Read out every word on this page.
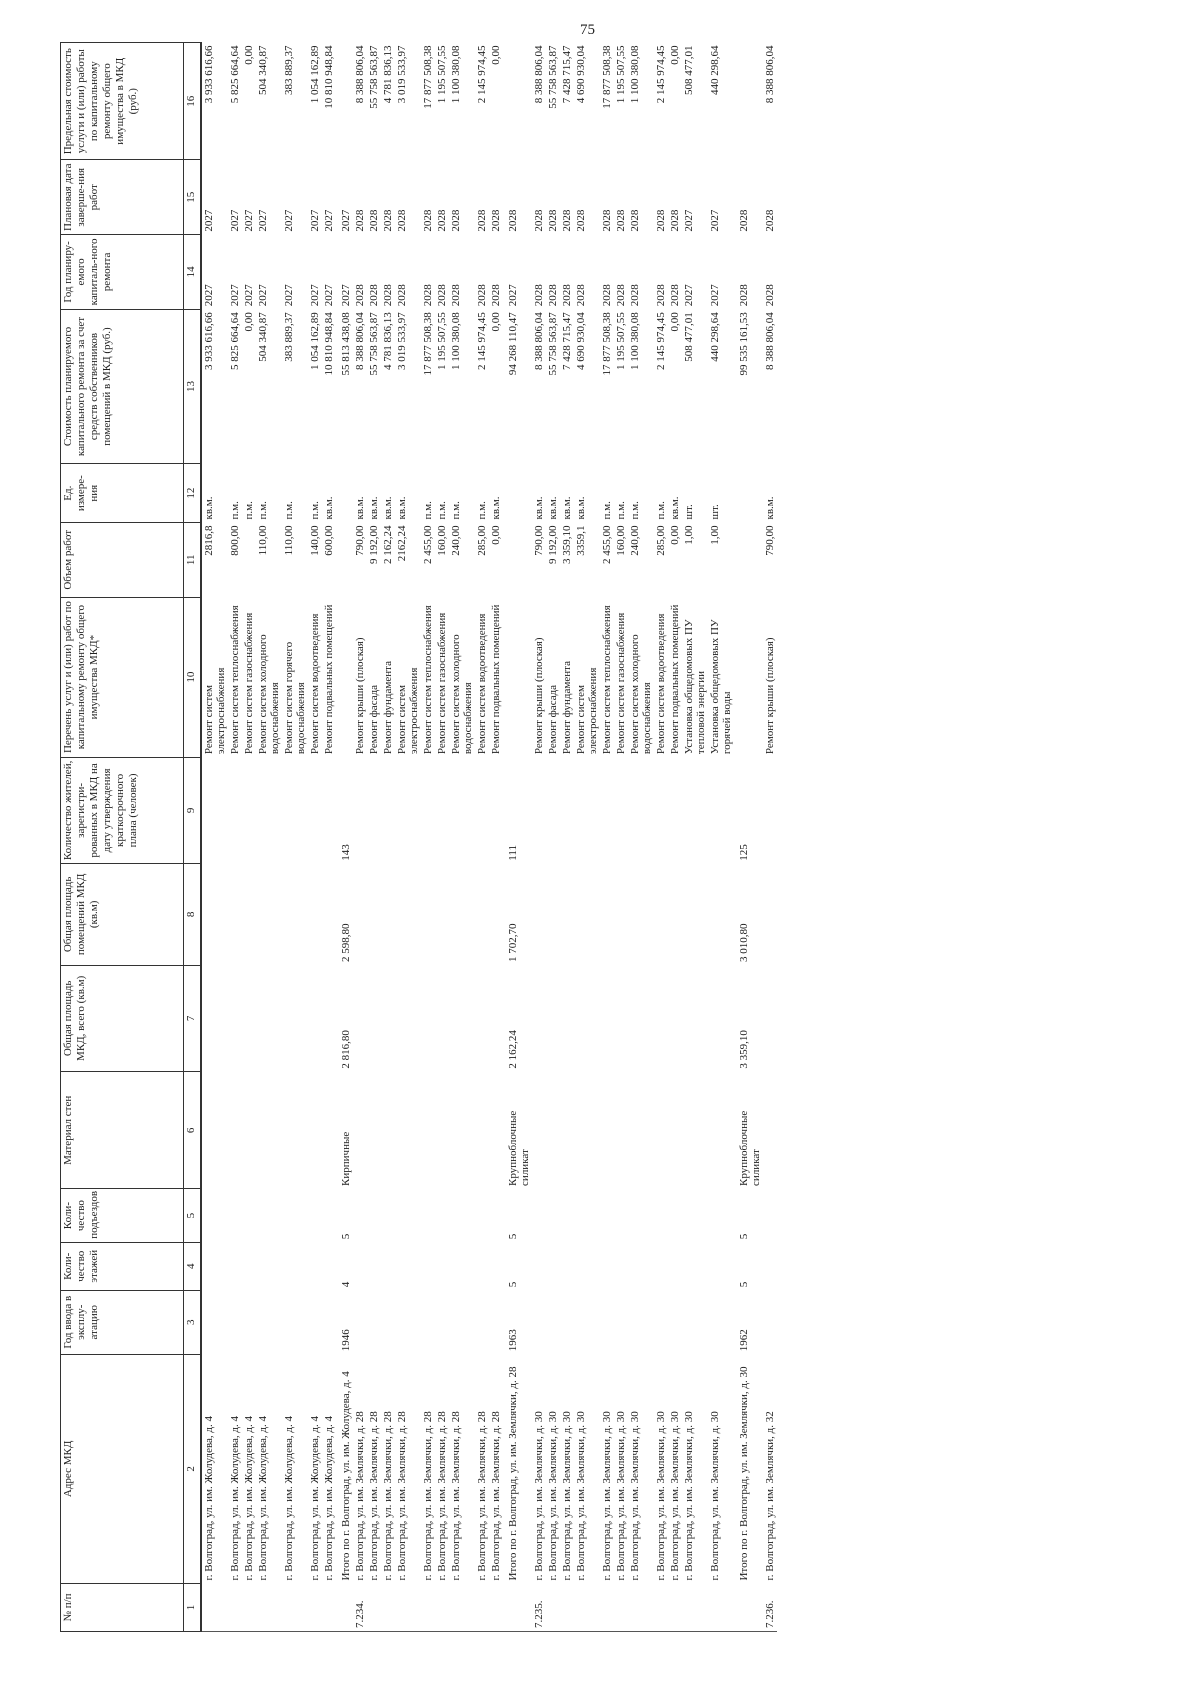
75
№ п/п	Адрес МКД	Год ввода в эксплу-атацию	Коли-чество этажей	Коли-чество подъездов	Материал стен	Общая площадь МКД, всего (кв.м)	Общая площадь помещений МКД (кв.м)	Количество жителей, зарегистри-рованных в МКД на дату утверждения краткосрочного плана (человек)	Перечень услуг и (или) работ по капитальному ремонту общего имущества МКД*	Объем работ	Ед. измере-ния	Стоимость планируемого капитального ремонта за счет средств собственников помещений в МКД (руб.)	Год планиру-емого капиталь-ного ремонта	Плановая дата заверше-ния работ	Предельная стоимость услуги и (или) работы по капитальному ремонту общего имущества в МКД (руб.)
1	2	3	4	5	6	7	8	9	10	11	12	13	14	15	16
	г. Волгоград, ул. им. Жолудева, д. 4								Ремонт систем электроснабжения	2816,8	кв.м.	3 933 616,66	2027	2027	3 933 616,66
	г. Волгоград, ул. им. Жолудева, д. 4								Ремонт систем теплоснабжения	800,00	п.м.	5 825 664,64	2027	2027	5 825 664,64
	г. Волгоград, ул. им. Жолудева, д. 4								Ремонт систем газоснабжения		п.м.	0,00	2027	2027	0,00
	г. Волгоград, ул. им. Жолудева, д. 4								Ремонт систем холодного водоснабжения	110,00	п.м.	504 340,87	2027	2027	504 340,87
	г. Волгоград, ул. им. Жолудева, д. 4								Ремонт систем горячего водоснабжения	110,00	п.м.	383 889,37	2027	2027	383 889,37
	г. Волгоград, ул. им. Жолудева, д. 4								Ремонт систем водоотведения	140,00	п.м.	1 054 162,89	2027	2027	1 054 162,89
	г. Волгоград, ул. им. Жолудева, д. 4								Ремонт подвальных помещений	600,00	кв.м.	10 810 948,84	2027	2027	10 810 948,84
	Итого по г. Волгоград, ул. им. Жолудева, д. 4	1946	4	5	Кирпичные	2 816,80	2 598,80	143				55 813 438,08	2027	2027	
7.234.	г. Волгоград, ул. им. Землячки, д. 28								Ремонт крыши (плоская)	790,00	кв.м.	8 388 806,04	2028	2028	8 388 806,04
	г. Волгоград, ул. им. Землячки, д. 28								Ремонт фасада	9 192,00	кв.м.	55 758 563,87	2028	2028	55 758 563,87
	г. Волгоград, ул. им. Землячки, д. 28								Ремонт фундамента	2 162,24	кв.м.	4 781 836,13	2028	2028	4 781 836,13
	г. Волгоград, ул. им. Землячки, д. 28								Ремонт систем электроснабжения	2162,24	кв.м.	3 019 533,97	2028	2028	3 019 533,97
	г. Волгоград, ул. им. Землячки, д. 28								Ремонт систем теплоснабжения	2 455,00	п.м.	17 877 508,38	2028	2028	17 877 508,38
	г. Волгоград, ул. им. Землячки, д. 28								Ремонт систем газоснабжения	160,00	п.м.	1 195 507,55	2028	2028	1 195 507,55
	г. Волгоград, ул. им. Землячки, д. 28								Ремонт систем холодного водоснабжения	240,00	п.м.	1 100 380,08	2028	2028	1 100 380,08
	г. Волгоград, ул. им. Землячки, д. 28								Ремонт систем водоотведения	285,00	п.м.	2 145 974,45	2028	2028	2 145 974,45
	г. Волгоград, ул. им. Землячки, д. 28								Ремонт подвальных помещений	0,00	кв.м.	0,00	2028	2028	0,00
	Итого по г. Волгоград, ул. им. Землячки, д. 28	1963	5	5	Крупноблочные силикат	2 162,24	1 702,70	111				94 268 110,47	2027	2028	
7.235.	г. Волгоград, ул. им. Землячки, д. 30								Ремонт крыши (плоская)	790,00	кв.м.	8 388 806,04	2028	2028	8 388 806,04
	г. Волгоград, ул. им. Землячки, д. 30								Ремонт фасада	9 192,00	кв.м.	55 758 563,87	2028	2028	55 758 563,87
	г. Волгоград, ул. им. Землячки, д. 30								Ремонт фундамента	3 359,10	кв.м.	7 428 715,47	2028	2028	7 428 715,47
	г. Волгоград, ул. им. Землячки, д. 30								Ремонт систем электроснабжения	3359,1	кв.м.	4 690 930,04	2028	2028	4 690 930,04
	г. Волгоград, ул. им. Землячки, д. 30								Ремонт систем теплоснабжения	2 455,00	п.м.	17 877 508,38	2028	2028	17 877 508,38
	г. Волгоград, ул. им. Землячки, д. 30								Ремонт систем газоснабжения	160,00	п.м.	1 195 507,55	2028	2028	1 195 507,55
	г. Волгоград, ул. им. Землячки, д. 30								Ремонт систем холодного водоснабжения	240,00	п.м.	1 100 380,08	2028	2028	1 100 380,08
	г. Волгоград, ул. им. Землячки, д. 30								Ремонт систем водоотведения	285,00	п.м.	2 145 974,45	2028	2028	2 145 974,45
	г. Волгоград, ул. им. Землячки, д. 30								Ремонт подвальных помещений	0,00	кв.м.	0,00	2028	2028	0,00
	г. Волгоград, ул. им. Землячки, д. 30								Установка общедомовых ПУ тепловой энергии	1,00	шт.	508 477,01	2027	2027	508 477,01
	г. Волгоград, ул. им. Землячки, д. 30								Установка общедомовых ПУ горячей воды	1,00	шт.	440 298,64	2027	2027	440 298,64
	Итого по г. Волгоград, ул. им. Землячки, д. 30	1962	5	5	Крупноблочные силикат	3 359,10	3 010,80	125				99 535 161,53	2028	2028	
7.236.	г. Волгоград, ул. им. Землячки, д. 32								Ремонт крыши (плоская)	790,00	кв.м.	8 388 806,04	2028	2028	8 388 806,04
